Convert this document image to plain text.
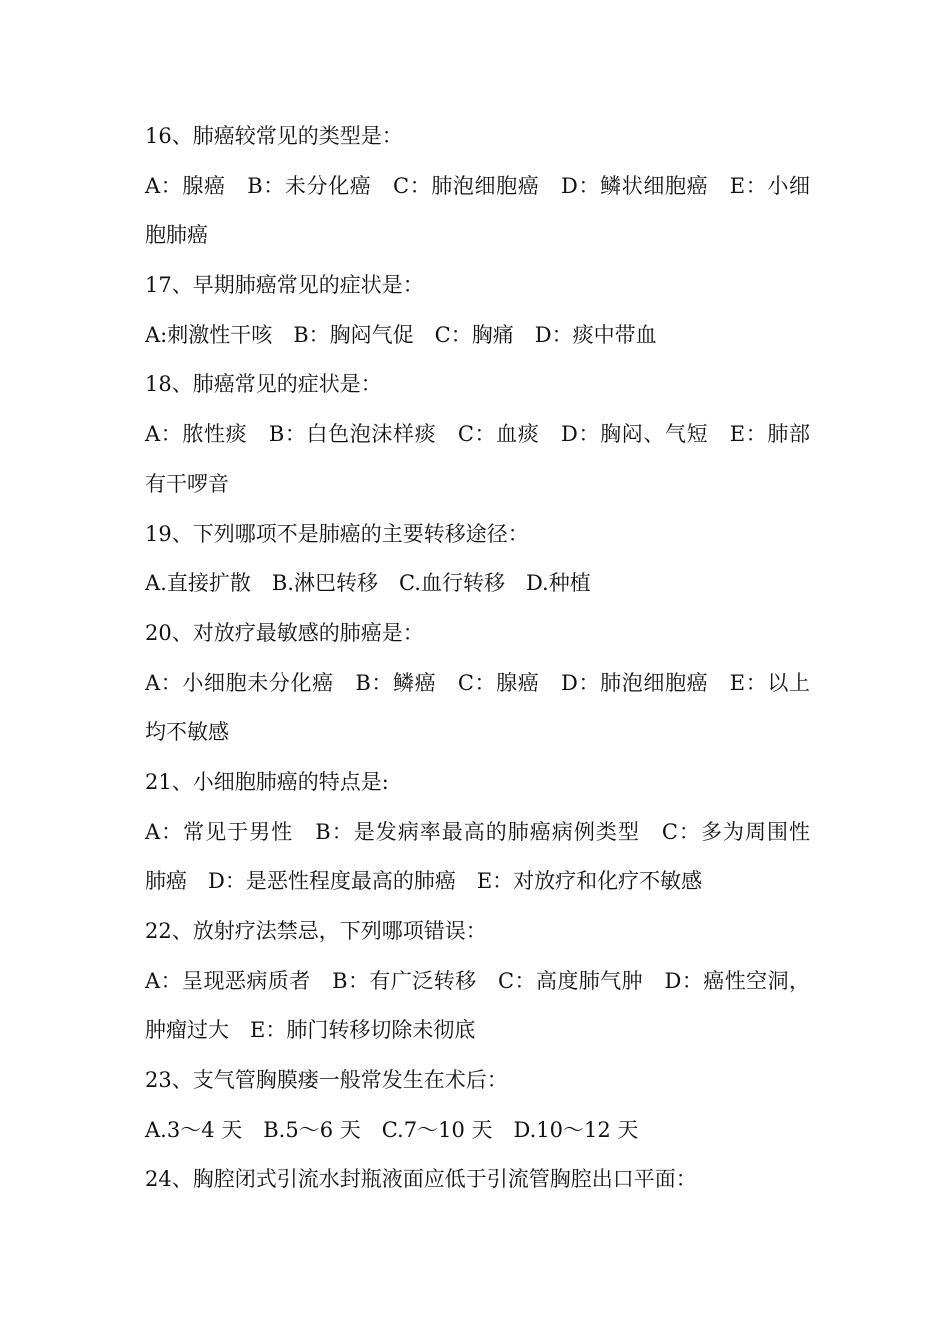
16、肺癌较常见的类型是：
A：腺癌　B：未分化癌　C：肺泡细胞癌　D：鳞状细胞癌　E：小细
胞肺癌
17、早期肺癌常见的症状是：
A:刺激性干咳　B：胸闷气促　C：胸痛　D：痰中带血
18、肺癌常见的症状是：
A：脓性痰　B：白色泡沫样痰　C：血痰　D：胸闷、气短　E：肺部
有干啰音
19、下列哪项不是肺癌的主要转移途径：
A.直接扩散　B.淋巴转移　C.血行转移　D.种植
20、对放疗最敏感的肺癌是：
A：小细胞未分化癌　B：鳞癌　C：腺癌　D：肺泡细胞癌　E：以上
均不敏感
21、小细胞肺癌的特点是:
A：常见于男性　B：是发病率最高的肺癌病例类型　C：多为周围性
肺癌　D：是恶性程度最高的肺癌　E：对放疗和化疗不敏感
22、放射疗法禁忌，下列哪项错误：
A：呈现恶病质者　B：有广泛转移　C：高度肺气肿　D：癌性空洞，
肿瘤过大　E：肺门转移切除未彻底
23、支气管胸膜瘘一般常发生在术后：
A.3～4 天　B.5～6 天　C.7～10 天　D.10～12 天
24、胸腔闭式引流水封瓶液面应低于引流管胸腔出口平面：
